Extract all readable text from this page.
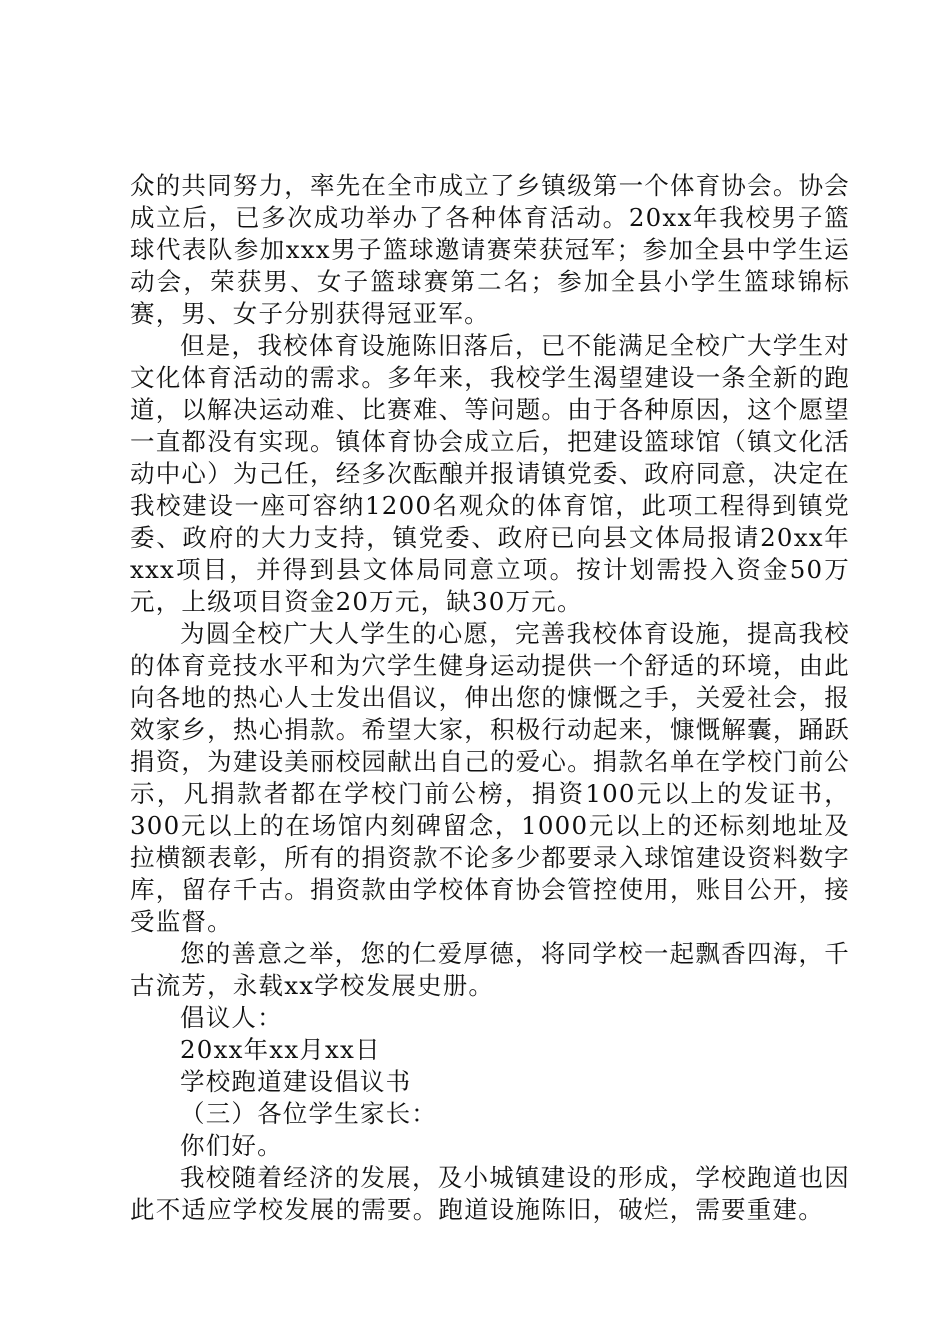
众的共同努力，率先在全市成立了乡镇级第一个体育协会。协会成立后，已多次成功举办了各种体育活动。20xx年我校男子篮球代表队参加xxx男子篮球邀请赛荣获冠军；参加全县中学生运动会，荣获男、女子篮球赛第二名；参加全县小学生篮球锦标赛，男、女子分别获得冠亚军。

但是，我校体育设施陈旧落后，已不能满足全校广大学生对文化体育活动的需求。多年来，我校学生渴望建设一条全新的跑道，以解决运动难、比赛难、等问题。由于各种原因，这个愿望一直都没有实现。镇体育协会成立后，把建设篮球馆（镇文化活动中心）为己任，经多次酝酿并报请镇党委、政府同意，决定在我校建设一座可容纳1200名观众的体育馆，此项工程得到镇党委、政府的大力支持，镇党委、政府已向县文体局报请20xx年xxx项目，并得到县文体局同意立项。按计划需投入资金50万元，上级项目资金20万元，缺30万元。

为圆全校广大人学生的心愿，完善我校体育设施，提高我校的体育竞技水平和为穴学生健身运动提供一个舒适的环境，由此向各地的热心人士发出倡议，伸出您的慷慨之手，关爱社会，报效家乡，热心捐款。希望大家，积极行动起来，慷慨解囊，踊跃捐资，为建设美丽校园献出自己的爱心。捐款名单在学校门前公示，凡捐款者都在学校门前公榜，捐资100元以上的发证书，300元以上的在场馆内刻碑留念，1000元以上的还标刻地址及拉横额表彰，所有的捐资款不论多少都要录入球馆建设资料数字库，留存千古。捐资款由学校体育协会管控使用，账目公开，接受监督。

您的善意之举，您的仁爱厚德，将同学校一起飘香四海，千古流芳，永载xx学校发展史册。

倡议人：

20xx年xx月xx日

学校跑道建设倡议书

（三）各位学生家长：

你们好。

我校随着经济的发展，及小城镇建设的形成，学校跑道也因此不适应学校发展的需要。跑道设施陈旧，破烂，需要重建。
